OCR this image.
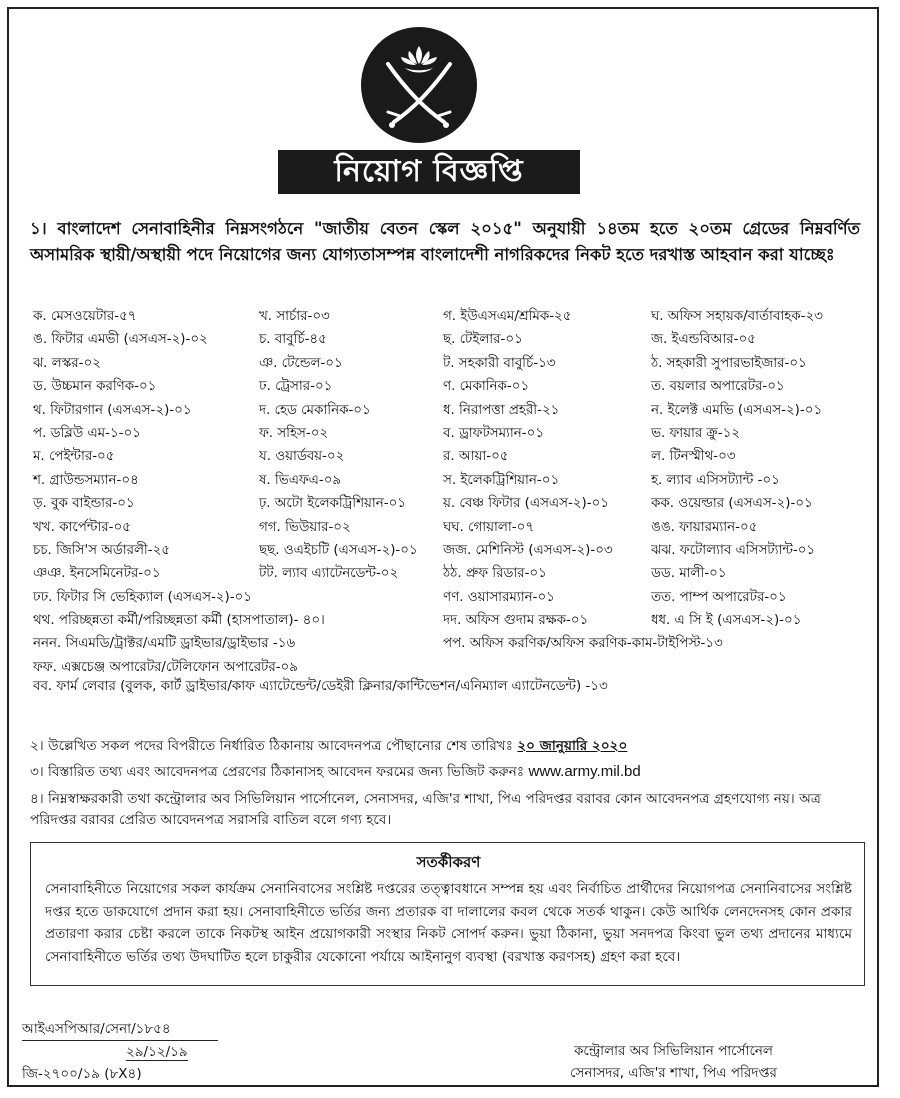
নিয়োগ বিজ্ঞপ্তি
১। বাংলাদেশ সেনাবাহিনীর নিম্নসংগঠনে "জাতীয় বেতন স্কেল ২০১৫" অনুযায়ী ১৪তম হতে ২০তম গ্রেডের নিম্নবর্ণিত অসামরিক স্থায়ী/অস্থায়ী পদে নিয়োগের জন্য যোগ্যতাসম্পন্ন বাংলাদেশী নাগরিকদের নিকট হতে দরখাস্ত আহবান করা যাচ্ছেঃ
ক. মেসওয়েটার-৫৭	খ. সার্চার-০৩	গ. ইউএসএম/শ্রমিক-২৫	ঘ. অফিস সহায়ক/বার্তাবাহক-২৩
ঙ. ফিটার এমভী (এসএস-২)-০২	চ. বাবুর্চি-৪৫	ছ. টেইলার-০১	জ. ইএন্ডবিআর-০৫
ঝ. লস্কর-০২	ঞ. টেন্ডেল-০১	ট. সহকারী বাবুর্চি-১৩	ঠ. সহকারী সুপারভাইজার-০১
ড. উচ্চমান করণিক-০১	ঢ. ট্রেসার-০১	ণ. মেকানিক-০১	ত. বয়লার অপারেটর-০১
থ. ফিটারগান (এসএস-২)-০১	দ. হেড মেকানিক-০১	ধ. নিরাপত্তা প্রহরী-২১	ন. ইলেক্ট এমভি (এসএস-২)-০১
প. ডব্লিউ এম-১-০১	ফ. সহিস-০২	ব. ড্রাফটসম্যান-০১	ভ. ফায়ার ক্রু-১২
ম. পেইন্টার-০৫	য. ওয়ার্ডবয়-০২	র. আয়া-০৫	ল. টিনস্মীথ-০৩
শ. গ্রাউন্ডসম্যান-০৪	ষ. ভিএফএ-০৯	স. ইলেকট্রিশিয়ান-০১	হ. ল্যাব এসিসট্যান্ট -০১
ড়. বুক বাইন্ডার-০১	ঢ়. অটো ইলেকট্রিশিয়ান-০১	য়. বেঞ্চ ফিটার (এসএস-২)-০১	কক. ওয়েল্ডার (এসএস-২)-০১
খখ. কার্পেন্টার-০৫	গগ. ভিউয়ার-০২	ঘঘ. গোয়ালা-০৭	ঙঙ. ফায়ারম্যান-০৫
চচ. জিসি'স অর্ডারলী-২৫	ছছ. ওএইচটি (এসএস-২)-০১ জজ. মেশিনিস্ট (এসএস-২)-০৩	ঝঝ. ফটোল্যাব এসিসট্যান্ট-০১
ঞঞ. ইনসেমিনেটর-০১	টট. ল্যাব এ্যাটেনডেন্ট-০২	ঠঠ. প্রুফ রিডার-০১	ডড. মালী-০১
ঢঢ. ফিটার সি ভেহিক্যাল (এসএস-২)-০১	ণণ. ওয়াসারম্যান-০১	তত. পাম্প অপারেটর-০১
থথ. পরিচ্ছন্নতা কর্মী/পরিচ্ছন্নতা কর্মী (হাসপাতাল)- ৪০।	দদ. অফিস গুদাম রক্ষক-০১	ধধ. এ সি ই (এসএস-২)-০১
ননন. সিএমডি/ট্রাক্টর/এমটি ড্রাইভার/ড্রাইভার -১৬	পপ. অফিস করণিক/অফিস করণিক-কাম-টাইপিস্ট-১৩
ফফ. এক্সচেঞ্জ অপারেটর/টেলিফোন অপারেটর-০৯
বব. ফার্ম লেবার (বুলক, কার্ট ড্রাইভার/কাফ এ্যাটেন্ডেন্ট/ডেইরী ক্লিনার/কান্টিভেশন/এনিম্যাল এ্যাটেনডেন্ট) -১৩
২। উল্লেখিত সকল পদের বিপরীতে নির্ধারিত ঠিকানায় আবেদনপত্র পৌছানোর শেষ তারিখঃ ২০ জানুয়ারি ২০২০
৩। বিস্তারিত তথ্য এবং আবেদনপত্র প্রেরণের ঠিকানাসহ আবেদন ফরমের জন্য ভিজিট করুনঃ www.army.mil.bd
৪। নিম্নস্বাক্ষরকারী তথা কন্ট্রোলার অব সিভিলিয়ান পার্সোনেল, সেনাসদর, এজি'র শাখা, পিএ পরিদপ্তর বরাবর কোন আবেদনপত্র গ্রহণযোগ্য নয়। অত্র পরিদপ্তর বরাবর প্রেরিত আবেদনপত্র সরাসরি বাতিল বলে গণ্য হবে।
সতর্কীকরণ

সেনাবাহিনীতে নিয়োগের সকল কার্যক্রম সেনানিবাসের সংশ্লিষ্ট দপ্তরের তত্ত্বাবধানে সম্পন্ন হয় এবং নির্বাচিত প্রার্থীদের নিয়োগপত্র সেনানিবাসের সংশ্লিষ্ট দপ্তর হতে ডাকযোগে প্রদান করা হয়। সেনাবাহিনীতে ভর্তির জন্য প্রতারক বা দালালের কবল থেকে সতর্ক থাকুন। কেউ আর্থিক লেনদেনসহ কোন প্রকার প্রতারণা করার চেষ্টা করলে তাকে নিকটস্থ আইন প্রয়োগকারী সংস্থার নিকট সোপর্দ করুন। ভুয়া ঠিকানা, ভুয়া সনদপত্র কিংবা ভুল তথ্য প্রদানের মাধ্যমে সেনাবাহিনীতে ভর্তির তথ্য উদঘাটিত হলে চাকুরীর যেকোনো পর্যায়ে আইনানুগ ব্যবস্থা (বরখাস্ত করণসহ) গ্রহণ করা হবে।

আইএসপিআর/সেনা/১৮৫৪
২৯/১২/১৯
জি-২৭০০/১৯ (৮X৪)
কন্ট্রোলার অব সিভিলিয়ান পার্সোনেল
সেনাসদর, এজি'র শাখা, পিএ পরিদপ্তর
